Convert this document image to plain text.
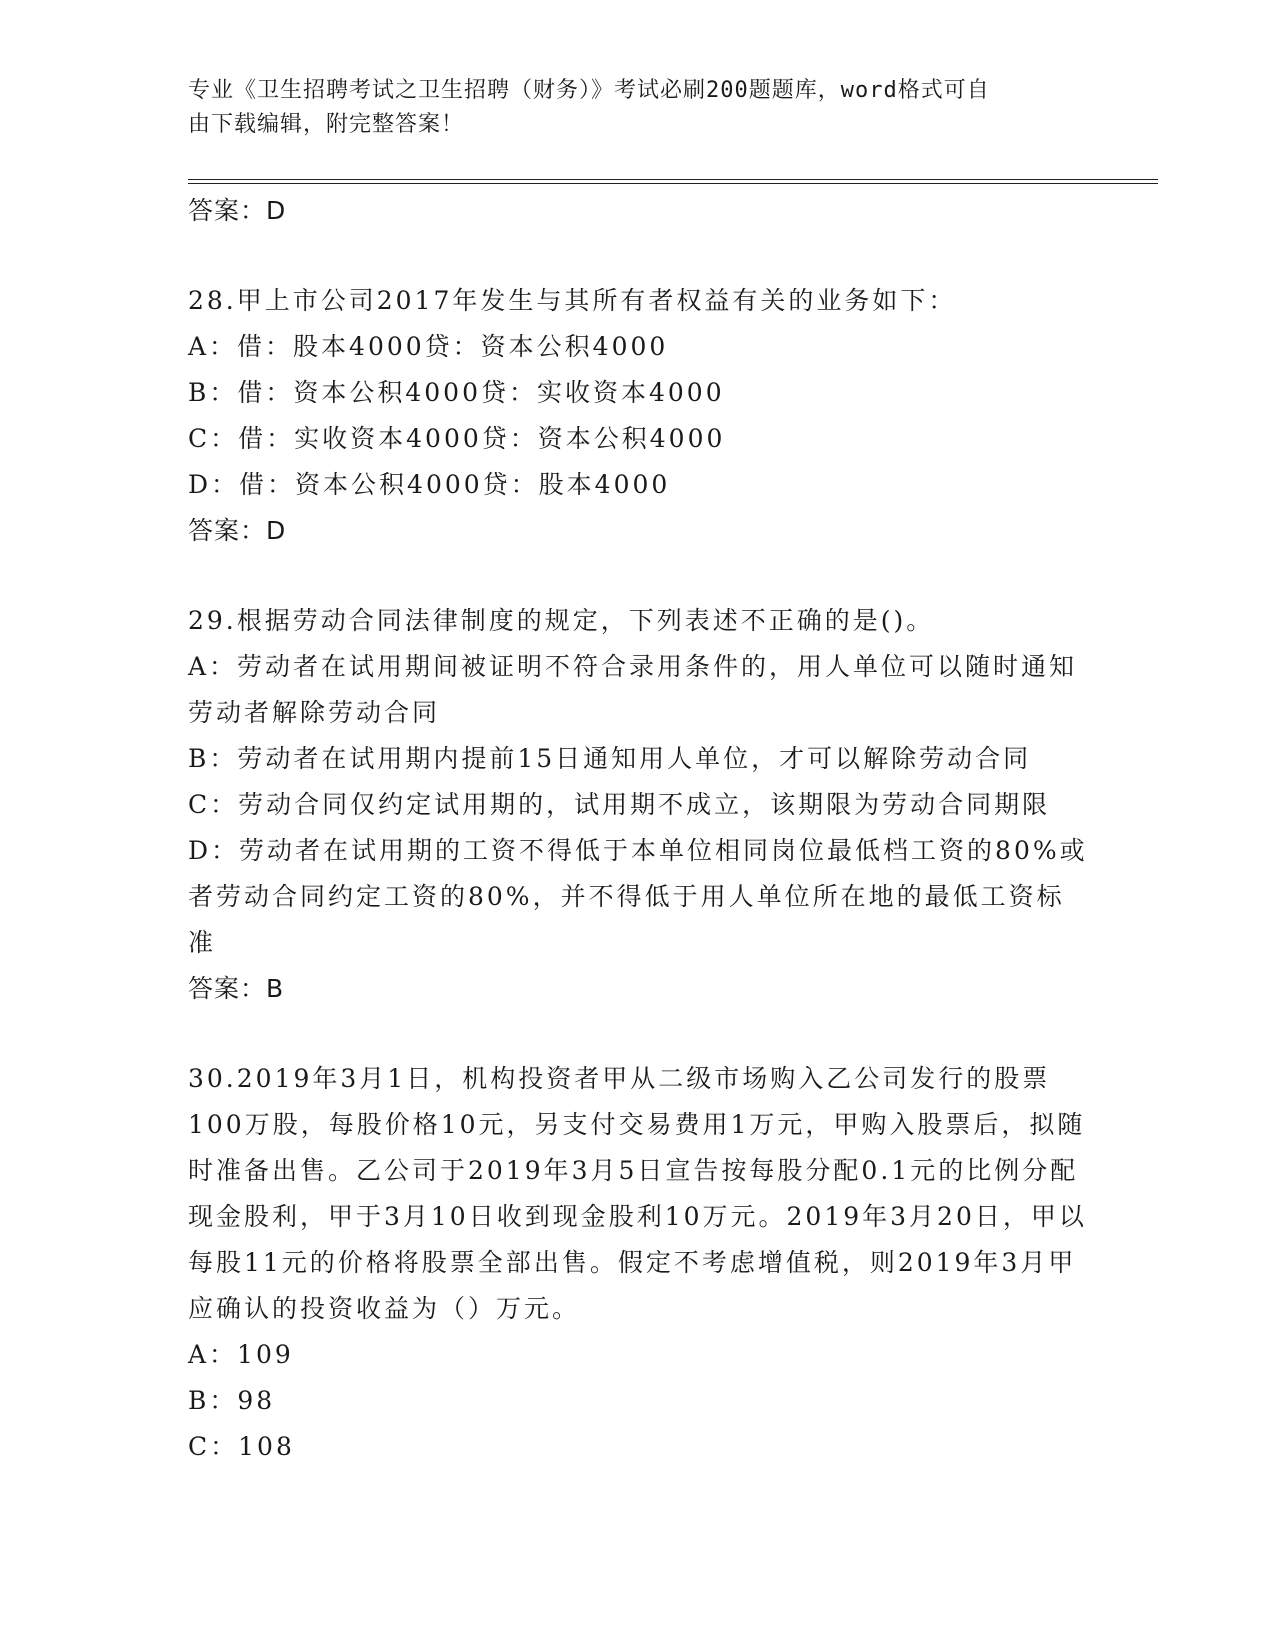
专业《卫生招聘考试之卫生招聘（财务）》考试必刷200题题库，word格式可自
由下载编辑，附完整答案！
答案：D
28.甲上市公司2017年发生与其所有者权益有关的业务如下：
A：借：股本4000贷：资本公积4000
B：借：资本公积4000贷：实收资本4000
C：借：实收资本4000贷：资本公积4000
D：借：资本公积4000贷：股本4000
答案：D
29.根据劳动合同法律制度的规定，下列表述不正确的是()。
A：劳动者在试用期间被证明不符合录用条件的，用人单位可以随时通知劳动者解除劳动合同
B：劳动者在试用期内提前15日通知用人单位，才可以解除劳动合同
C：劳动合同仅约定试用期的，试用期不成立，该期限为劳动合同期限
D：劳动者在试用期的工资不得低于本单位相同岗位最低档工资的80%或者劳动合同约定工资的80%，并不得低于用人单位所在地的最低工资标准
答案：B
30.2019年3月1日，机构投资者甲从二级市场购入乙公司发行的股票100万股，每股价格10元，另支付交易费用1万元，甲购入股票后，拟随时准备出售。乙公司于2019年3月5日宣告按每股分配0.1元的比例分配现金股利，甲于3月10日收到现金股利10万元。2019年3月20日，甲以每股11元的价格将股票全部出售。假定不考虑增值税，则2019年3月甲应确认的投资收益为（）万元。
A：109
B：98
C：108
